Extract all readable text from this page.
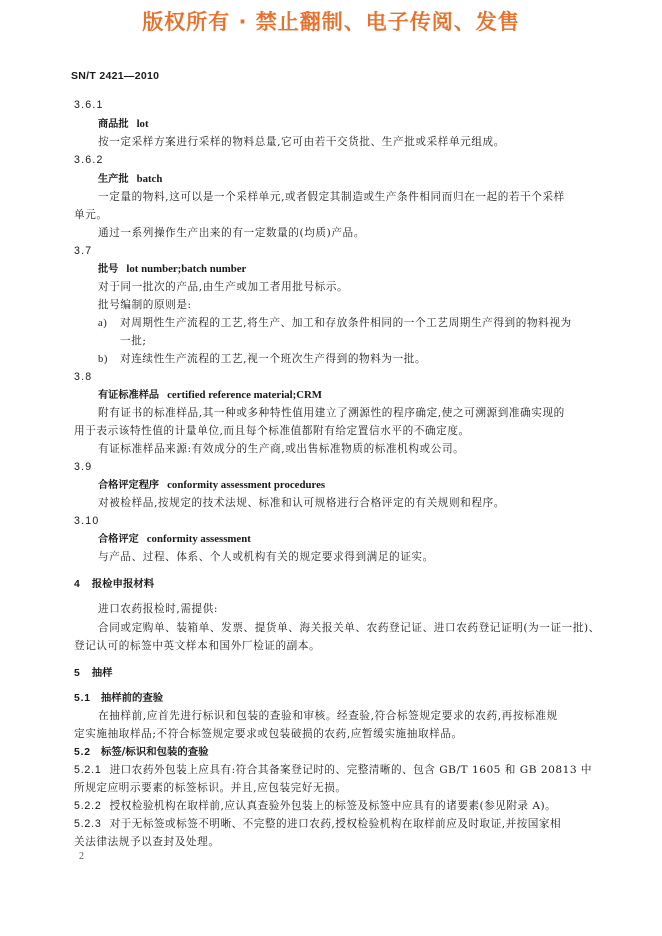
版权所有 · 禁止翻制、电子传阅、发售
SN/T 2421—2010
3.6.1
商品批 lot
按一定采样方案进行采样的物料总量,它可由若干交货批、生产批或采样单元组成。
3.6.2
生产批 batch
一定量的物料,这可以是一个采样单元,或者假定其制造或生产条件相同而归在一起的若干个采样
单元。
通过一系列操作生产出来的有一定数量的(均质)产品。
3.7
批号 lot number;batch number
对于同一批次的产品,由生产或加工者用批号标示。
批号编制的原则是:
a) 对周期性生产流程的工艺,将生产、加工和存放条件相同的一个工艺周期生产得到的物料视为
一批;
b) 对连续性生产流程的工艺,视一个班次生产得到的物料为一批。
3.8
有证标准样品 certified reference material;CRM
附有证书的标准样品,其一种或多种特性值用建立了溯源性的程序确定,使之可溯源到准确实现的
用于表示该特性值的计量单位,而且每个标准值都附有给定置信水平的不确定度。
有证标准样品来源:有效成分的生产商,或出售标准物质的标准机构或公司。
3.9
合格评定程序 conformity assessment procedures
对被检样品,按规定的技术法规、标准和认可规格进行合格评定的有关规则和程序。
3.10
合格评定 conformity assessment
与产品、过程、体系、个人或机构有关的规定要求得到满足的证实。
4 报检申报材料
进口农药报检时,需提供:
合同或定购单、装箱单、发票、提货单、海关报关单、农药登记证、进口农药登记证明(为一证一批)、
登记认可的标签中英文样本和国外厂检证的副本。
5 抽样
5.1 抽样前的查验
在抽样前,应首先进行标识和包装的查验和审核。经查验,符合标签规定要求的农药,再按标准规
定实施抽取样品;不符合标签规定要求或包装破损的农药,应暂缓实施抽取样品。
5.2 标签/标识和包装的查验
5.2.1 进口农药外包装上应具有:符合其备案登记时的、完整清晰的、包含 GB/T 1605 和 GB 20813 中
所规定应明示要素的标签标识。并且,应包装完好无损。
5.2.2 授权检验机构在取样前,应认真查验外包装上的标签及标签中应具有的诸要素(参见附录 A)。
5.2.3 对于无标签或标签不明晰、不完整的进口农药,授权检验机构在取样前应及时取证,并按国家相
关法律法规予以查封及处理。
2
